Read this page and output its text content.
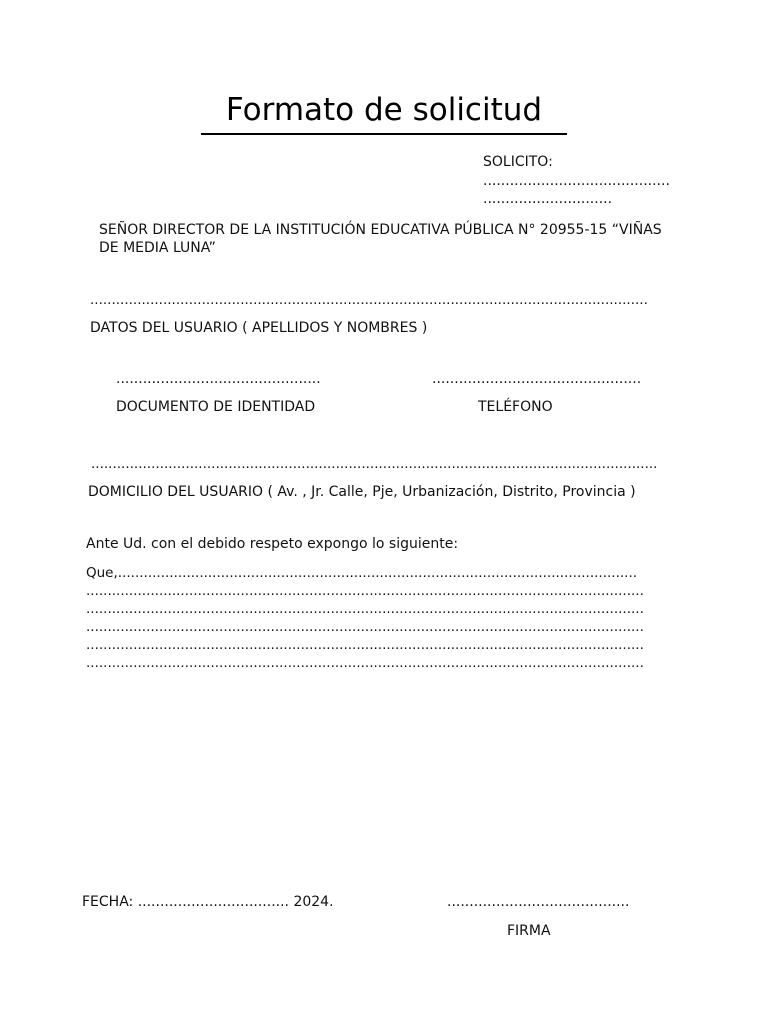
Formato de solicitud
SOLICITO:
..........................................
.............................
SEÑOR DIRECTOR DE LA INSTITUCIÓN EDUCATIVA PÚBLICA N° 20955-15 “VIÑAS DE MEDIA LUNA”
..................................................................................................................................
DATOS DEL USUARIO ( APELLIDOS Y NOMBRES )
..............................................
DOCUMENTO DE IDENTIDAD
...............................................
TELÉFONO
....................................................................................................................................
DOMICILIO DEL USUARIO ( Av. , Jr. Calle, Pje, Urbanización, Distrito, Provincia )
Ante Ud. con el debido respeto expongo lo siguiente:
Que,.........................................................................................................................
..................................................................................................................................
..................................................................................................................................
..................................................................................................................................
..................................................................................................................................
..................................................................................................................................
FECHA: .................................. 2024.	.........................................
FIRMA
